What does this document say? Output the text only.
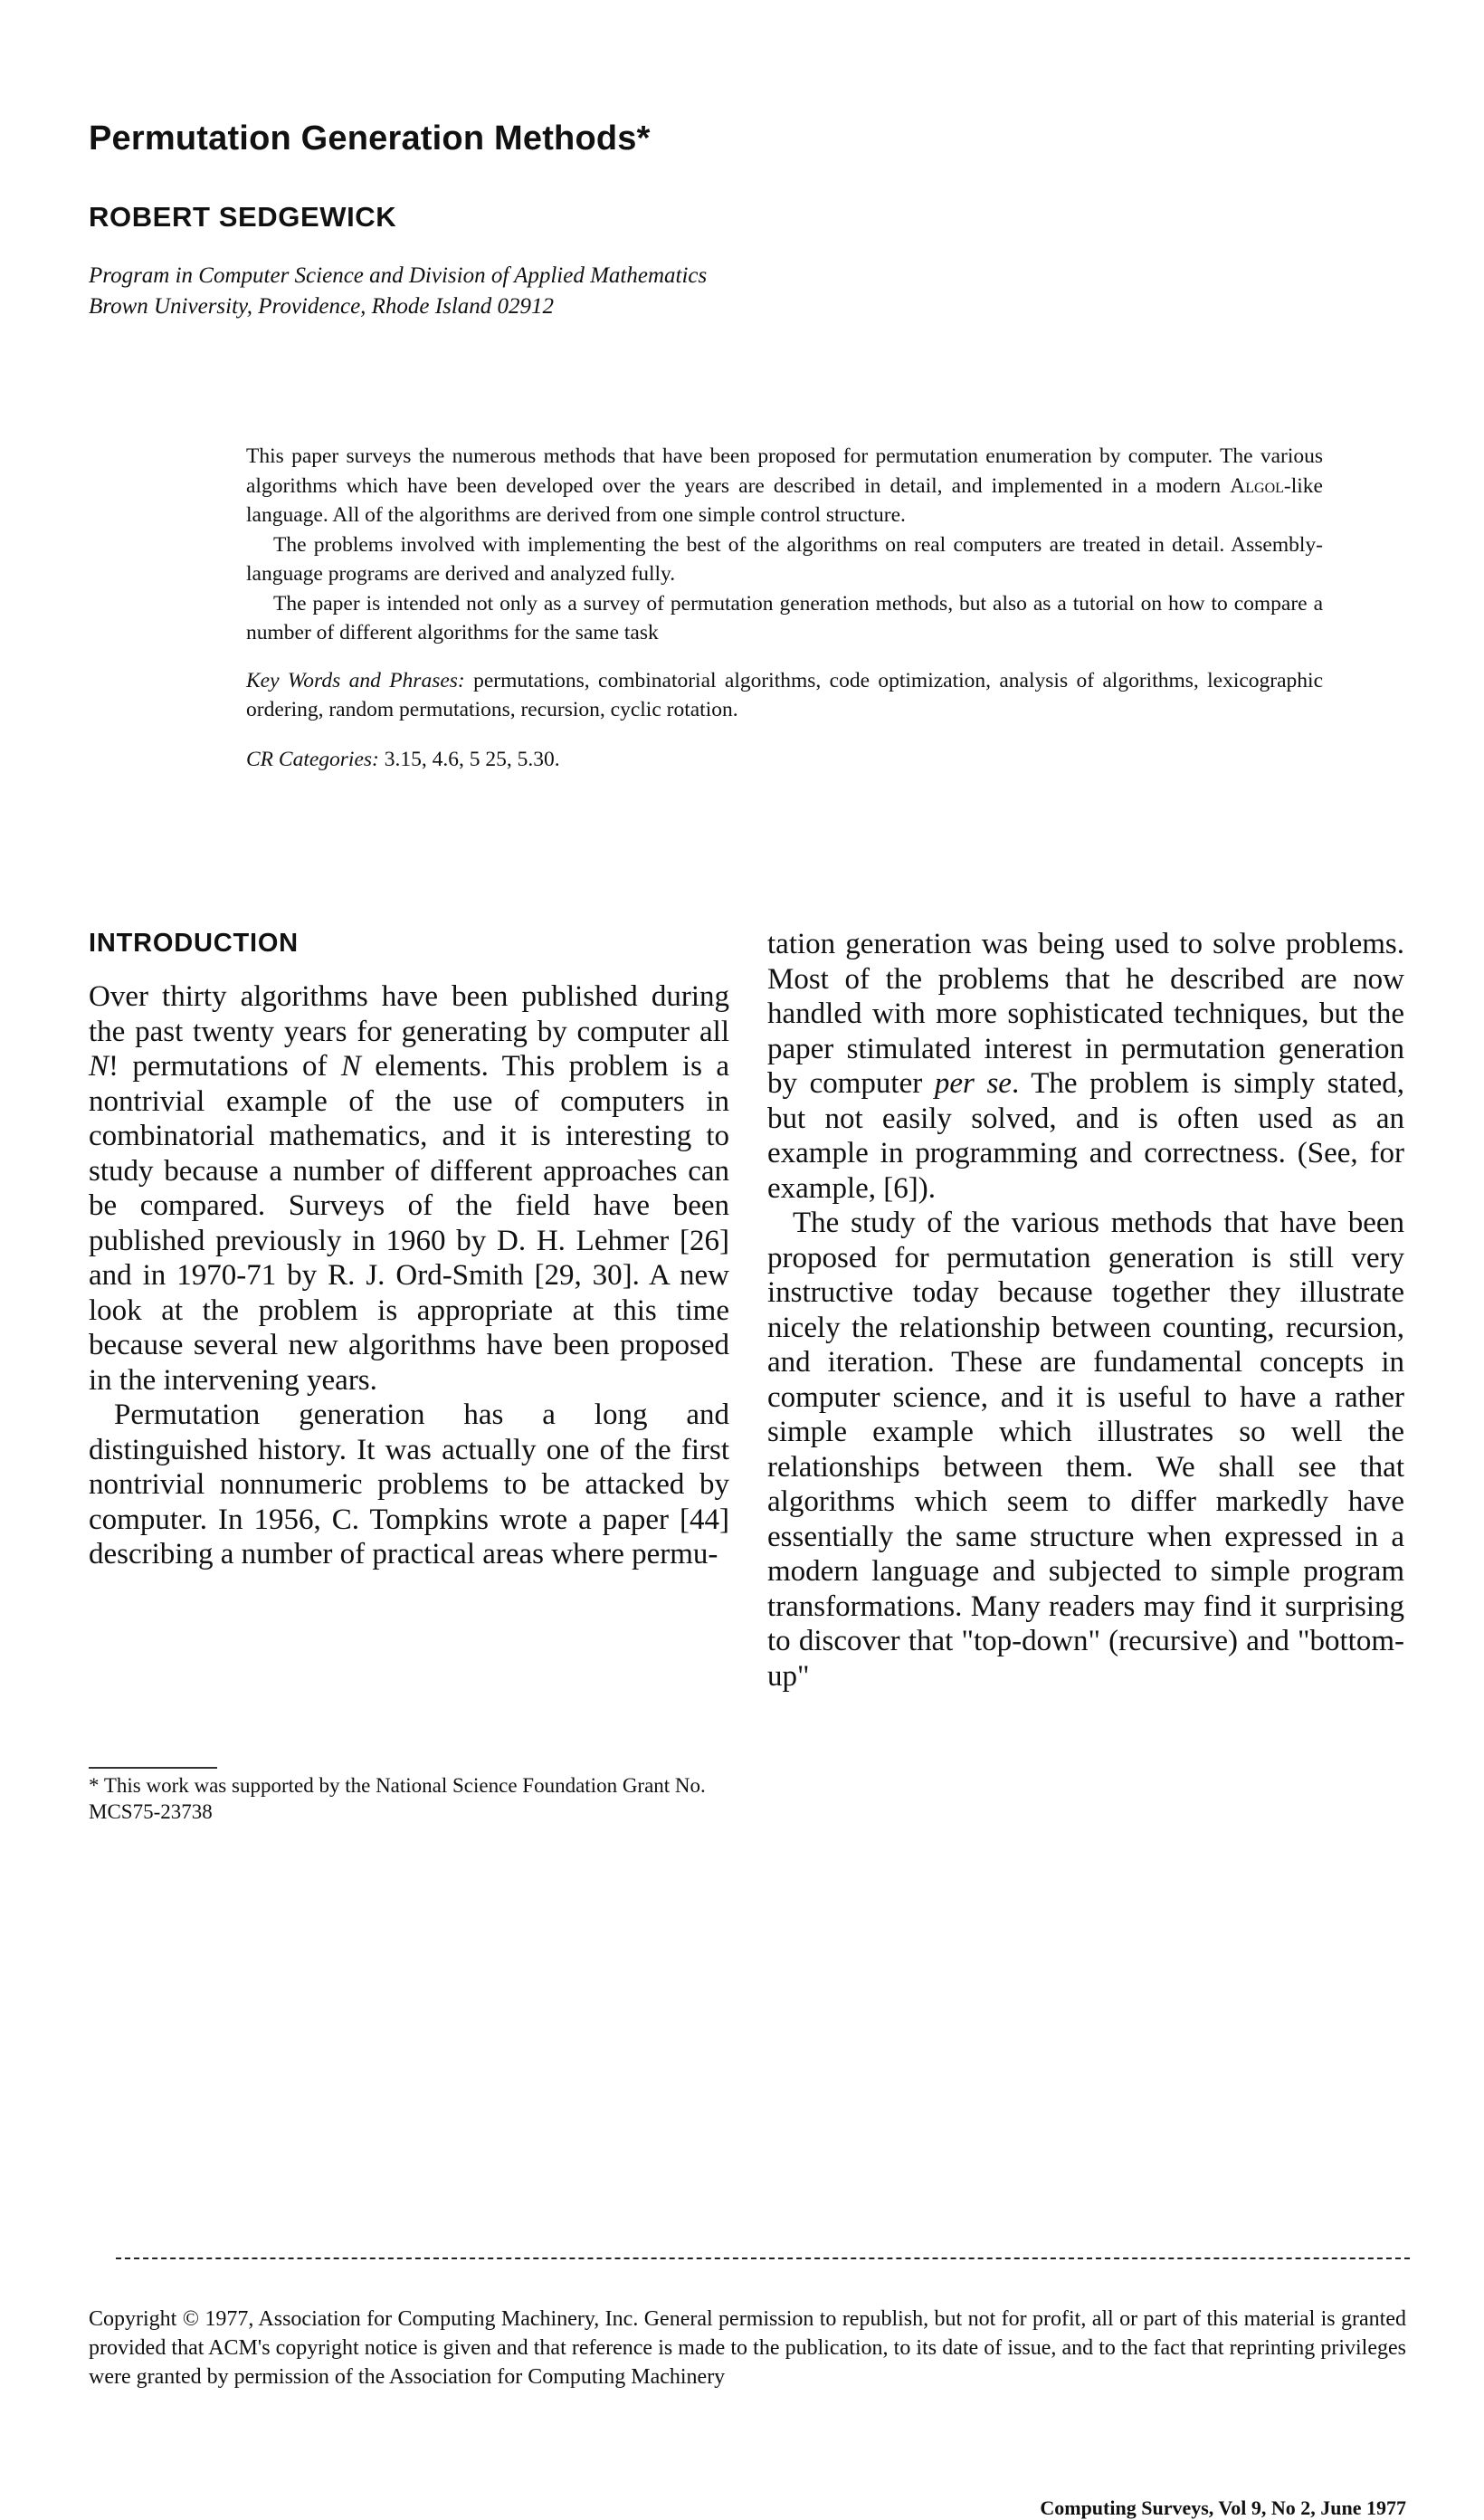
Permutation Generation Methods*
ROBERT SEDGEWICK
Program in Computer Science and Division of Applied Mathematics
Brown University, Providence, Rhode Island 02912

This paper surveys the numerous methods that have been proposed for permutation enumeration by computer. The various algorithms which have been developed over the years are described in detail, and implemented in a modern Algol-like language. All of the algorithms are derived from one simple control structure.

The problems involved with implementing the best of the algorithms on real computers are treated in detail. Assembly-language programs are derived and analyzed fully.

The paper is intended not only as a survey of permutation generation methods, but also as a tutorial on how to compare a number of different algorithms for the same task

Key Words and Phrases: permutations, combinatorial algorithms, code optimization, analysis of algorithms, lexicographic ordering, random permutations, recursion, cyclic rotation.

CR Categories: 3.15, 4.6, 5 25, 5.30.

INTRODUCTION

Over thirty algorithms have been published during the past twenty years for generating by computer all N! permutations of N elements. This problem is a nontrivial example of the use of computers in combinatorial mathematics, and it is interesting to study because a number of different approaches can be compared. Surveys of the field have been published previously in 1960 by D. H. Lehmer [26] and in 1970-71 by R. J. Ord-Smith [29, 30]. A new look at the problem is appropriate at this time because several new algorithms have been proposed in the intervening years.

Permutation generation has a long and distinguished history. It was actually one of the first nontrivial nonnumeric problems to be attacked by computer. In 1956, C. Tompkins wrote a paper [44] describing a number of practical areas where permu-

tation generation was being used to solve problems. Most of the problems that he described are now handled with more sophisticated techniques, but the paper stimulated interest in permutation generation by computer per se. The problem is simply stated, but not easily solved, and is often used as an example in programming and correctness. (See, for example, [6]).

The study of the various methods that have been proposed for permutation generation is still very instructive today because together they illustrate nicely the relationship between counting, recursion, and iteration. These are fundamental concepts in computer science, and it is useful to have a rather simple example which illustrates so well the relationships between them. We shall see that algorithms which seem to differ markedly have essentially the same structure when expressed in a modern language and subjected to simple program transformations. Many readers may find it surprising to discover that "top-down" (recursive) and "bottom-up"

* This work was supported by the National Science Foundation Grant No. MCS75-23738
Copyright © 1977, Association for Computing Machinery, Inc. General permission to republish, but not for profit, all or part of this material is granted provided that ACM's copyright notice is given and that reference is made to the publication, to its date of issue, and to the fact that reprinting privileges were granted by permission of the Association for Computing Machinery
Computing Surveys, Vol 9, No 2, June 1977
